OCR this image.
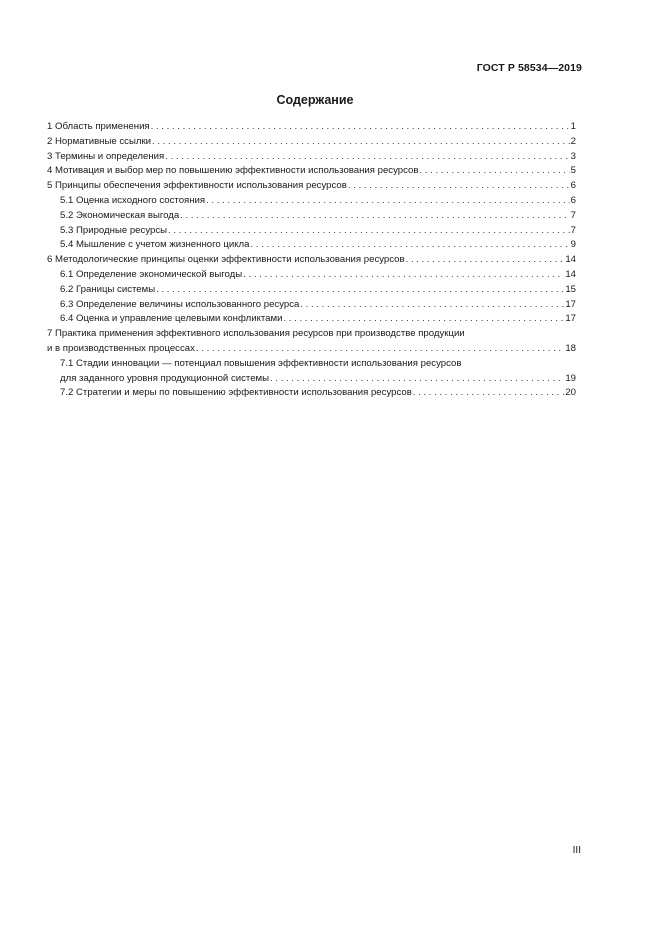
ГОСТ Р 58534—2019
Содержание
1 Область применения . . .	1
2 Нормативные ссылки . . .	2
3 Термины и определения . . .	3
4 Мотивация и выбор мер по повышению эффективности использования ресурсов . . .	5
5 Принципы обеспечения эффективности использования ресурсов . . .	6
5.1 Оценка исходного состояния . . .	6
5.2 Экономическая выгода . . .	7
5.3 Природные ресурсы . . .	7
5.4 Мышление с учетом жизненного цикла . . .	9
6 Методологические принципы оценки эффективности использования ресурсов . . .	14
6.1 Определение экономической выгоды . . .	14
6.2 Границы системы . . .	15
6.3 Определение величины использованного ресурса . . .	17
6.4 Оценка и управление целевыми конфликтами . . .	17
7 Практика применения эффективного использования ресурсов при производстве продукции
и в производственных процессах . . .	18
7.1 Стадии инновации — потенциал повышения эффективности использования ресурсов
для заданного уровня продукционной системы . . .	19
7.2 Стратегии и меры по повышению эффективности использования ресурсов . . .	20
III
